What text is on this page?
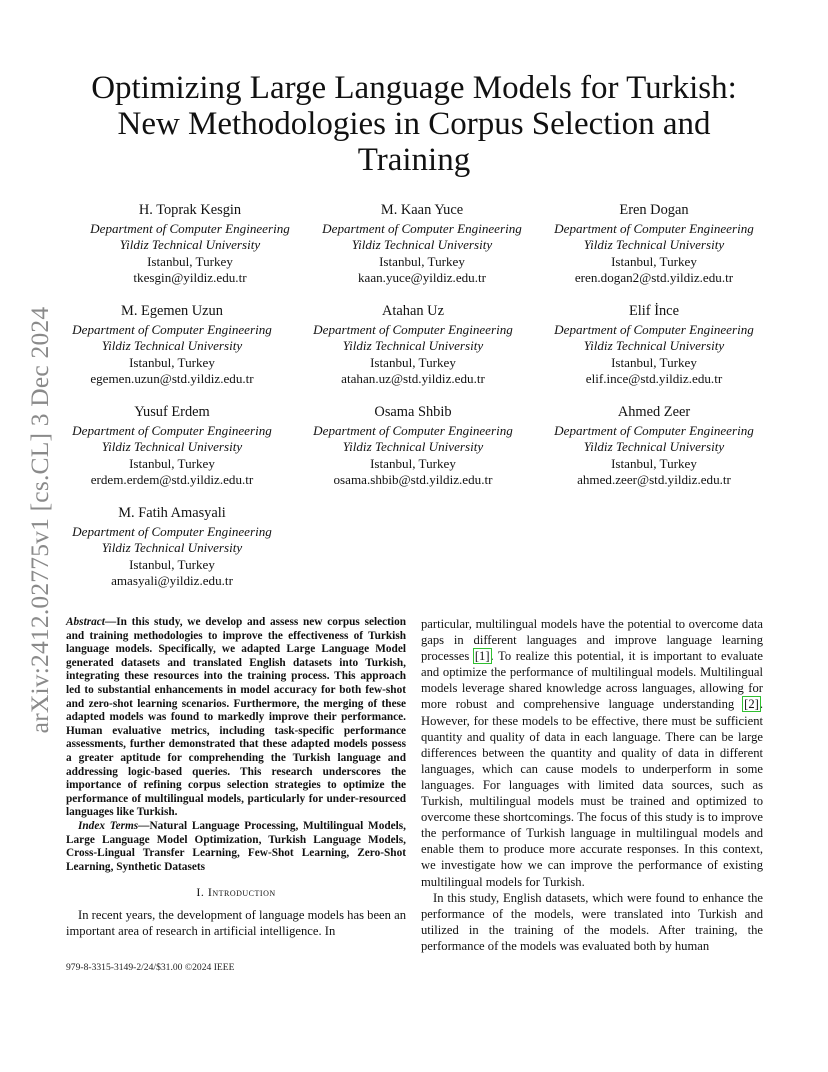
arXiv:2412.02775v1 [cs.CL] 3 Dec 2024
Optimizing Large Language Models for Turkish:
New Methodologies in Corpus Selection and
Training
H. Toprak Kesgin
Department of Computer Engineering
Yildiz Technical University
Istanbul, Turkey
tkesgin@yildiz.edu.tr
M. Kaan Yuce
Department of Computer Engineering
Yildiz Technical University
Istanbul, Turkey
kaan.yuce@yildiz.edu.tr
Eren Dogan
Department of Computer Engineering
Yildiz Technical University
Istanbul, Turkey
eren.dogan2@std.yildiz.edu.tr
M. Egemen Uzun
Department of Computer Engineering
Yildiz Technical University
Istanbul, Turkey
egemen.uzun@std.yildiz.edu.tr
Atahan Uz
Department of Computer Engineering
Yildiz Technical University
Istanbul, Turkey
atahan.uz@std.yildiz.edu.tr
Elif İnce
Department of Computer Engineering
Yildiz Technical University
Istanbul, Turkey
elif.ince@std.yildiz.edu.tr
Yusuf Erdem
Department of Computer Engineering
Yildiz Technical University
Istanbul, Turkey
erdem.erdem@std.yildiz.edu.tr
Osama Shbib
Department of Computer Engineering
Yildiz Technical University
Istanbul, Turkey
osama.shbib@std.yildiz.edu.tr
Ahmed Zeer
Department of Computer Engineering
Yildiz Technical University
Istanbul, Turkey
ahmed.zeer@std.yildiz.edu.tr
M. Fatih Amasyali
Department of Computer Engineering
Yildiz Technical University
Istanbul, Turkey
amasyali@yildiz.edu.tr

Abstract—In this study, we develop and assess new corpus selection and training methodologies to improve the effectiveness of Turkish language models. Specifically, we adapted Large Language Model generated datasets and translated English datasets into Turkish, integrating these resources into the training process. This approach led to substantial enhancements in model accuracy for both few-shot and zero-shot learning scenarios. Furthermore, the merging of these adapted models was found to markedly improve their performance. Human evaluative metrics, including task-specific performance assessments, further demonstrated that these adapted models possess a greater aptitude for comprehending the Turkish language and addressing logic-based queries. This research underscores the importance of refining corpus selection strategies to optimize the performance of multilingual models, particularly for under-resourced languages like Turkish.

Index Terms—Natural Language Processing, Multilingual Models, Large Language Model Optimization, Turkish Language Models, Cross-Lingual Transfer Learning, Few-Shot Learning, Zero-Shot Learning, Synthetic Datasets

I. Introduction

In recent years, the development of language models has been an important area of research in artificial intelligence. In

979-8-3315-3149-2/24/$31.00 ©2024 IEEE

particular, multilingual models have the potential to overcome data gaps in different languages and improve language learning processes [1]. To realize this potential, it is important to evaluate and optimize the performance of multilingual models. Multilingual models leverage shared knowledge across languages, allowing for more robust and comprehensive language understanding [2]. However, for these models to be effective, there must be sufficient quantity and quality of data in each language. There can be large differences between the quantity and quality of data in different languages, which can cause models to underperform in some languages. For languages with limited data sources, such as Turkish, multilingual models must be trained and optimized to overcome these shortcomings. The focus of this study is to improve the performance of Turkish language in multilingual models and enable them to produce more accurate responses. In this context, we investigate how we can improve the performance of existing multilingual models for Turkish.

In this study, English datasets, which were found to enhance the performance of the models, were translated into Turkish and utilized in the training of the models. After training, the performance of the models was evaluated both by human
